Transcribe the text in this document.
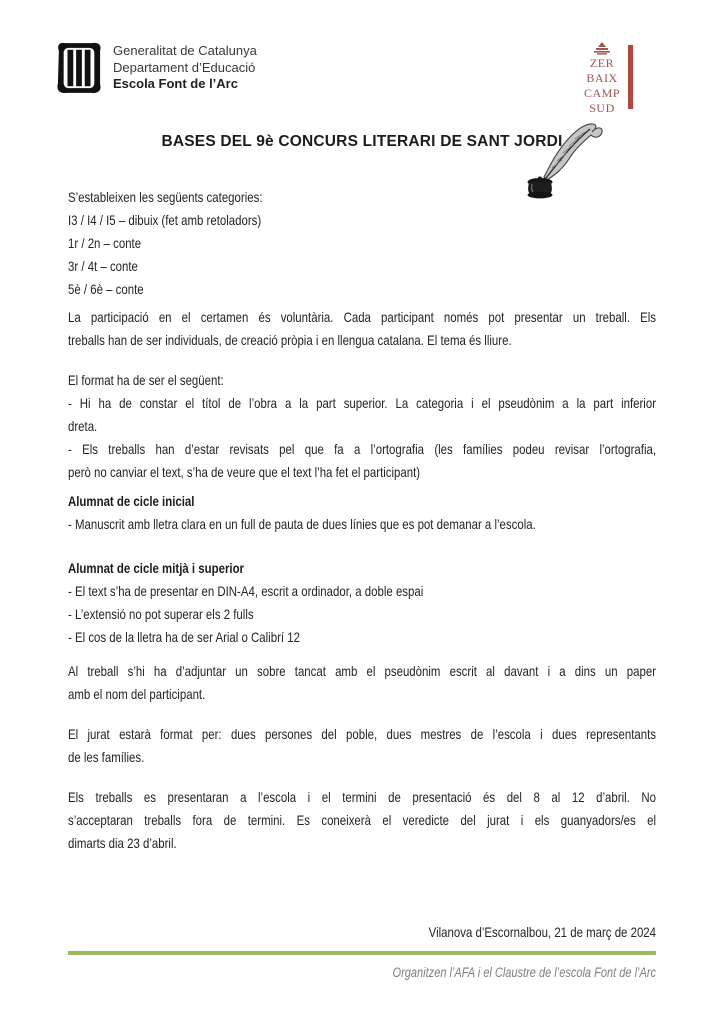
Generalitat de Catalunya
Departament d’Educació
Escola Font de l’Arc
ZER
BAIX
CAMP
SUD
BASES DEL 9è CONCURS LITERARI DE SANT JORDI
S’estableixen les següents categories:
I3 / I4 / I5 – dibuix (fet amb retoladors)
1r / 2n – conte
3r / 4t – conte
5è / 6è – conte
La participació en el certamen és voluntària. Cada participant només pot presentar un treball. Els
treballs han de ser individuals, de creació pròpia i en llengua catalana. El tema és lliure.
El format ha de ser el següent:
- Hi ha de constar el títol de l’obra a la part superior. La categoria i el pseudònim a la part inferior
dreta.
- Els treballs han d’estar revisats pel que fa a l’ortografia (les famílies podeu revisar l’ortografia,
però no canviar el text, s’ha de veure que el text l’ha fet el participant)
Alumnat de cicle inicial
- Manuscrit amb lletra clara en un full de pauta de dues línies que es pot demanar a l’escola.
Alumnat de cicle mitjà i superior
- El text s’ha de presentar en DIN-A4, escrit a ordinador, a doble espai
- L’extensió no pot superar els 2 fulls
- El cos de la lletra ha de ser Arial o Calibrí 12
Al treball s’hi ha d’adjuntar un sobre tancat amb el pseudònim escrit al davant i a dins un paper
amb el nom del participant.
El jurat estarà format per: dues persones del poble, dues mestres de l’escola i dues representants
de les famílies.
Els treballs es presentaran a l’escola i el termini de presentació és del 8 al 12 d’abril. No
s’acceptaran treballs fora de termini. Es coneixerà el veredicte del jurat i els guanyadors/es el
dimarts dia 23 d’abril.
Vilanova d’Escornalbou, 21 de març de 2024
Organitzen l’AFA i el Claustre de l’escola Font de l’Arc
